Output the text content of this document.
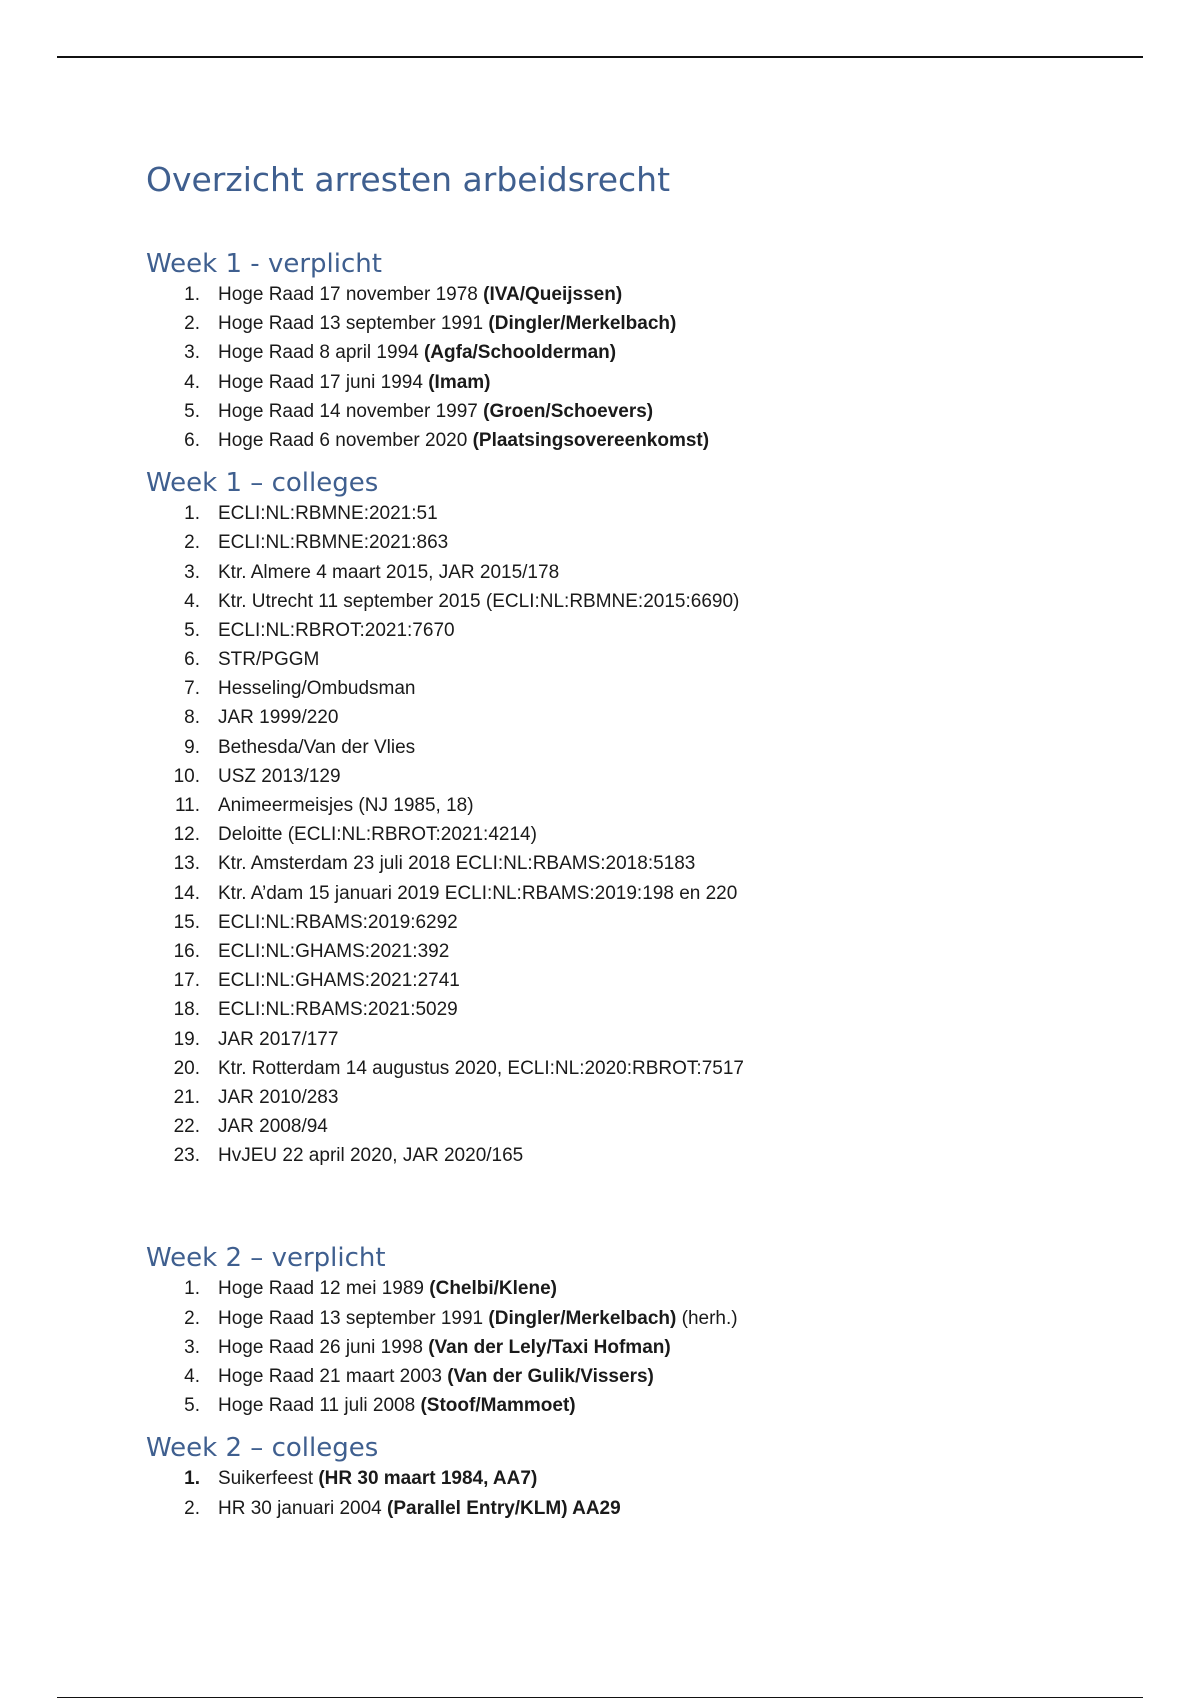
Overzicht arresten arbeidsrecht
Week 1 - verplicht
1. Hoge Raad 17 november 1978 (IVA/Queijssen)
2. Hoge Raad 13 september 1991 (Dingler/Merkelbach)
3. Hoge Raad 8 april 1994 (Agfa/Schoolderman)
4. Hoge Raad 17 juni 1994 (Imam)
5. Hoge Raad 14 november 1997 (Groen/Schoevers)
6. Hoge Raad 6 november 2020 (Plaatsingsovereenkomst)
Week 1 – colleges
1. ECLI:NL:RBMNE:2021:51
2. ECLI:NL:RBMNE:2021:863
3. Ktr. Almere 4 maart 2015, JAR 2015/178
4. Ktr. Utrecht 11 september 2015 (ECLI:NL:RBMNE:2015:6690)
5. ECLI:NL:RBROT:2021:7670
6. STR/PGGM
7. Hesseling/Ombudsman
8. JAR 1999/220
9. Bethesda/Van der Vlies
10. USZ 2013/129
11. Animeermeisjes (NJ 1985, 18)
12. Deloitte (ECLI:NL:RBROT:2021:4214)
13. Ktr. Amsterdam 23 juli 2018 ECLI:NL:RBAMS:2018:5183
14. Ktr. A’dam 15 januari 2019 ECLI:NL:RBAMS:2019:198 en 220
15. ECLI:NL:RBAMS:2019:6292
16. ECLI:NL:GHAMS:2021:392
17. ECLI:NL:GHAMS:2021:2741
18. ECLI:NL:RBAMS:2021:5029
19. JAR 2017/177
20. Ktr. Rotterdam 14 augustus 2020, ECLI:NL:2020:RBROT:7517
21. JAR 2010/283
22. JAR 2008/94
23. HvJEU 22 april 2020, JAR 2020/165
Week 2 – verplicht
1. Hoge Raad 12 mei 1989 (Chelbi/Klene)
2. Hoge Raad 13 september 1991 (Dingler/Merkelbach) (herh.)
3. Hoge Raad 26 juni 1998 (Van der Lely/Taxi Hofman)
4. Hoge Raad 21 maart 2003 (Van der Gulik/Vissers)
5. Hoge Raad 11 juli 2008 (Stoof/Mammoet)
Week 2 – colleges
1. Suikerfeest (HR 30 maart 1984, AA7)
2. HR 30 januari 2004 (Parallel Entry/KLM) AA29
